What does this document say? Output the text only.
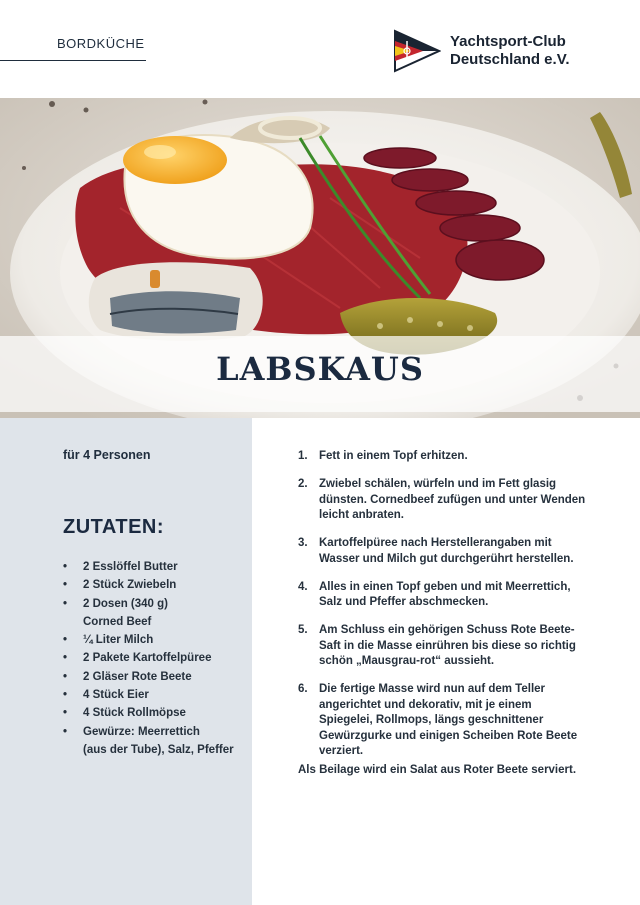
BORDKÜCHE	Yachtsport-Club
Deutschland e.V.
LABSKAUS
für 4 Personen
ZUTATEN:
• 2 Esslöffel Butter
• 2 Stück Zwiebeln
• 2 Dosen (340 g)
Corned Beef
• ¼ Liter Milch
• 2 Pakete Kartoffelpüree
• 2 Gläser Rote Beete
• 4 Stück Eier
• 4 Stück Rollmöpse
• Gewürze: Meerrettich
(aus der Tube), Salz, Pfeffer
1. Fett in einem Topf erhitzen.
2. Zwiebel schälen, würfeln und im Fett glasig dünsten. Cornedbeef zufügen und unter Wenden leicht anbraten.
3. Kartoffelpüree nach Herstellerangaben mit Wasser und Milch gut durchgerührt herstellen.
4. Alles in einen Topf geben und mit Meerrettich, Salz und Pfeffer abschmecken.
5. Am Schluss ein gehörigen Schuss Rote Beete-Saft in die Masse einrühren bis diese so richtig schön „Mausgrau-rot“ aussieht.
6. Die fertige Masse wird nun auf dem Teller angerichtet und dekorativ, mit je einem Spiegelei, Rollmops, längs geschnittener Gewürzgurke und einigen Scheiben Rote Beete verziert.

Als Beilage wird ein Salat aus Roter Beete serviert.
